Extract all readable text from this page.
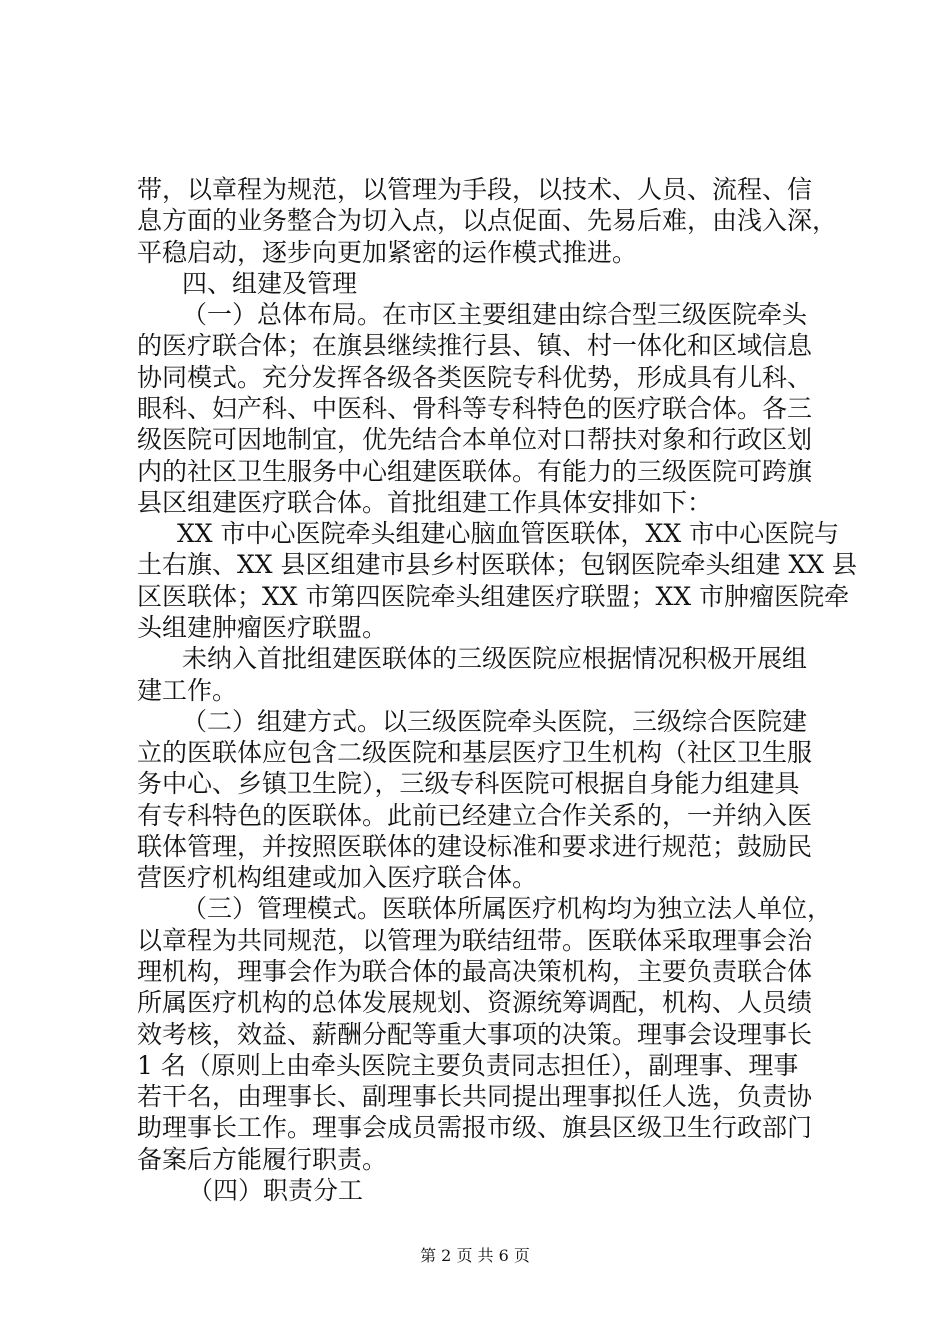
带，以章程为规范，以管理为手段，以技术、人员、流程、信
息方面的业务整合为切入点，以点促面、先易后难，由浅入深，
平稳启动，逐步向更加紧密的运作模式推进。
四、组建及管理
（一）总体布局。在市区主要组建由综合型三级医院牵头
的医疗联合体；在旗县继续推行县、镇、村一体化和区域信息
协同模式。充分发挥各级各类医院专科优势，形成具有儿科、
眼科、妇产科、中医科、骨科等专科特色的医疗联合体。各三
级医院可因地制宜，优先结合本单位对口帮扶对象和行政区划
内的社区卫生服务中心组建医联体。有能力的三级医院可跨旗
县区组建医疗联合体。首批组建工作具体安排如下：
XX 市中心医院牵头组建心脑血管医联体，XX 市中心医院与
土右旗、XX 县区组建市县乡村医联体；包钢医院牵头组建 XX 县
区医联体；XX 市第四医院牵头组建医疗联盟；XX 市肿瘤医院牵
头组建肿瘤医疗联盟。
未纳入首批组建医联体的三级医院应根据情况积极开展组
建工作。
（二）组建方式。以三级医院牵头医院，三级综合医院建
立的医联体应包含二级医院和基层医疗卫生机构（社区卫生服
务中心、乡镇卫生院），三级专科医院可根据自身能力组建具
有专科特色的医联体。此前已经建立合作关系的，一并纳入医
联体管理，并按照医联体的建设标准和要求进行规范；鼓励民
营医疗机构组建或加入医疗联合体。
（三）管理模式。医联体所属医疗机构均为独立法人单位，
以章程为共同规范，以管理为联结纽带。医联体采取理事会治
理机构，理事会作为联合体的最高决策机构，主要负责联合体
所属医疗机构的总体发展规划、资源统筹调配，机构、人员绩
效考核，效益、薪酬分配等重大事项的决策。理事会设理事长
1 名（原则上由牵头医院主要负责同志担任），副理事、理事
若干名，由理事长、副理事长共同提出理事拟任人选，负责协
助理事长工作。理事会成员需报市级、旗县区级卫生行政部门
备案后方能履行职责。
（四）职责分工
第 2 页 共 6 页
